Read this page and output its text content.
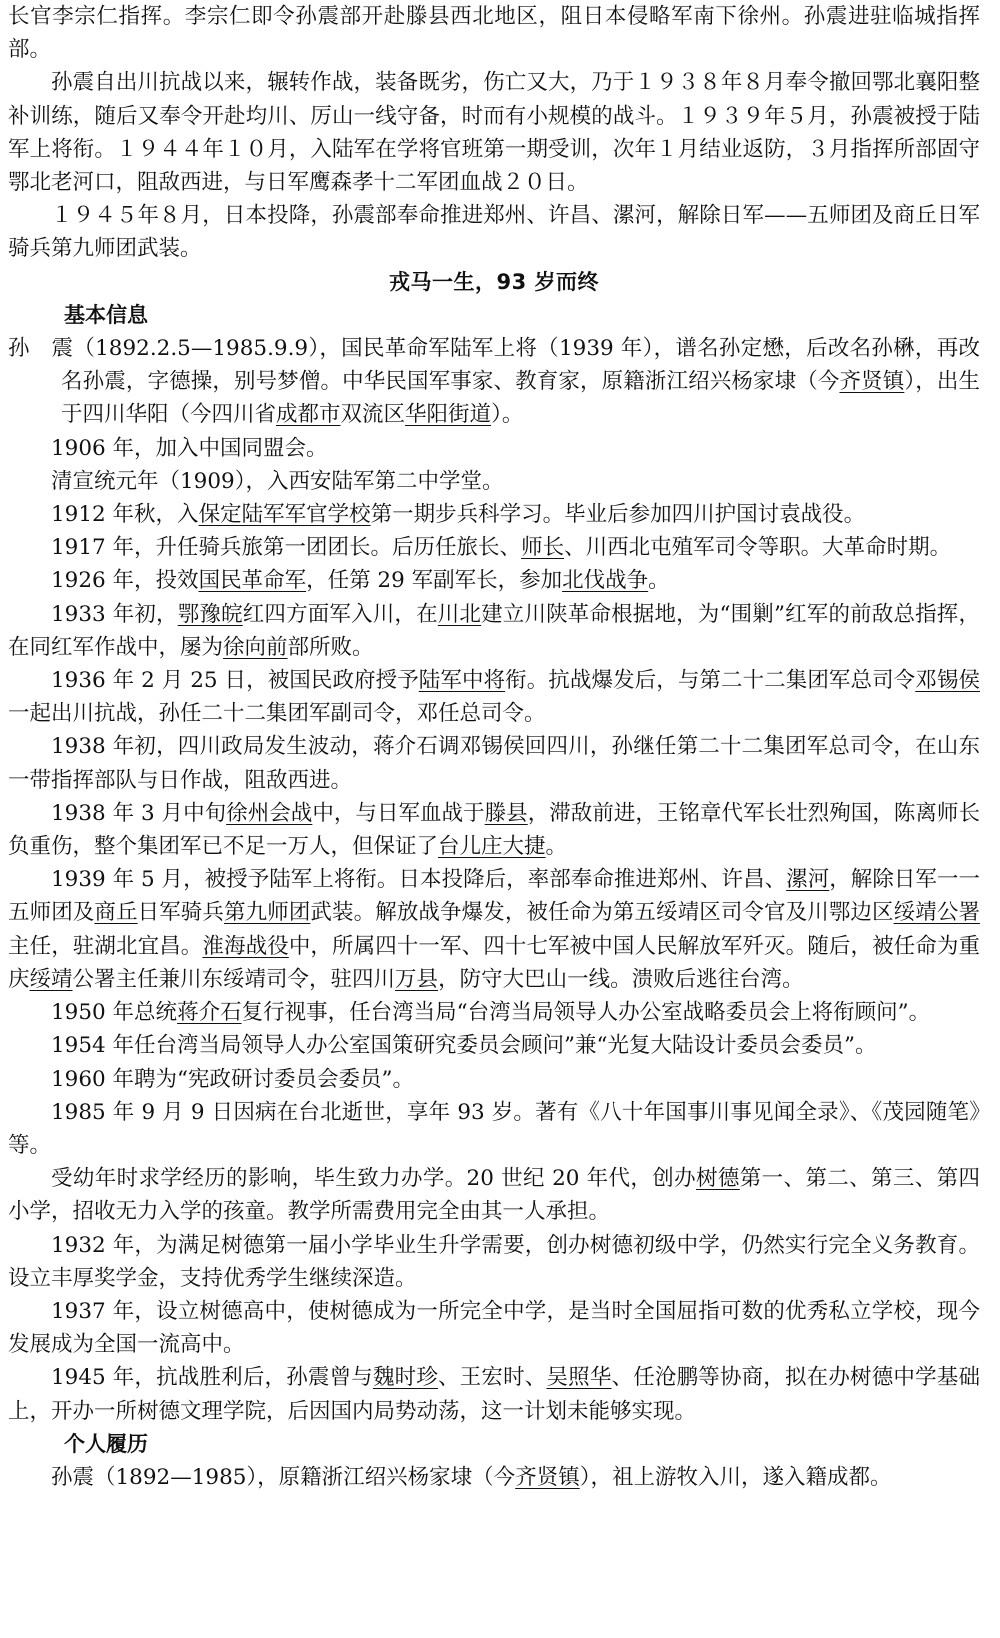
长官李宗仁指挥。李宗仁即令孙震部开赴滕县西北地区，阻日本侵略军南下徐州。孙震进驻临城指挥部。

孙震自出川抗战以来，辗转作战，装备既劣，伤亡又大，乃于１９３８年８月奉令撤回鄂北襄阳整补训练，随后又奉令开赴均川、厉山一线守备，时而有小规模的战斗。１９３９年５月，孙震被授于陆军上将衔。１９４４年１０月，入陆军在学将官班第一期受训，次年１月结业返防，３月指挥所部固守鄂北老河口，阻敌西进，与日军鹰森孝十二军团血战２０日。

１９４５年８月，日本投降，孙震部奉命推进郑州、许昌、漯河，解除日军——五师团及商丘日军骑兵第九师团武装。

戎马一生，93 岁而终

基本信息

孙　震（1892.2.5—1985.9.9），国民革命军陆军上将（1939 年），谱名孙定懋，后改名孙楙，再改名孙震，字德操，别号梦僧。中华民国军事家、教育家，原籍浙江绍兴杨家埭（今齐贤镇），出生于四川华阳（今四川省成都市双流区华阳街道）。

1906 年，加入中国同盟会。

清宣统元年（1909），入西安陆军第二中学堂。

1912 年秋，入保定陆军军官学校第一期步兵科学习。毕业后参加四川护国讨袁战役。

1917 年，升任骑兵旅第一团团长。后历任旅长、师长、川西北屯殖军司令等职。大革命时期。

1926 年，投效国民革命军，任第 29 军副军长，参加北伐战争。

1933 年初，鄂豫皖红四方面军入川，在川北建立川陕革命根据地，为“围剿”红军的前敌总指挥，在同红军作战中，屡为徐向前部所败。

1936 年 2 月 25 日，被国民政府授予陆军中将衔。抗战爆发后，与第二十二集团军总司令邓锡侯一起出川抗战，孙任二十二集团军副司令，邓任总司令。

1938 年初，四川政局发生波动，蒋介石调邓锡侯回四川，孙继任第二十二集团军总司令，在山东一带指挥部队与日作战，阻敌西进。

1938 年 3 月中旬徐州会战中，与日军血战于滕县，滞敌前进，王铭章代军长壮烈殉国，陈离师长负重伤，整个集团军已不足一万人，但保证了台儿庄大捷。

1939 年 5 月，被授予陆军上将衔。日本投降后，率部奉命推进郑州、许昌、漯河，解除日军一一五师团及商丘日军骑兵第九师团武装。解放战争爆发，被任命为第五绥靖区司令官及川鄂边区绥靖公署主任，驻湖北宜昌。淮海战役中，所属四十一军、四十七军被中国人民解放军歼灭。随后，被任命为重庆绥靖公署主任兼川东绥靖司令，驻四川万县，防守大巴山一线。溃败后逃往台湾。

1950 年总统蒋介石复行视事，任台湾当局“台湾当局领导人办公室战略委员会上将衔顾问”。

1954 年任台湾当局领导人办公室国策研究委员会顾问”兼“光复大陆设计委员会委员”。

1960 年聘为“宪政研讨委员会委员”。

1985 年 9 月 9 日因病在台北逝世，享年 93 岁。著有《八十年国事川事见闻全录》、《茂园随笔》等。

受幼年时求学经历的影响，毕生致力办学。20 世纪 20 年代，创办树德第一、第二、第三、第四小学，招收无力入学的孩童。教学所需费用完全由其一人承担。

1932 年，为满足树德第一届小学毕业生升学需要，创办树德初级中学，仍然实行完全义务教育。设立丰厚奖学金，支持优秀学生继续深造。

1937 年，设立树德高中，使树德成为一所完全中学，是当时全国屈指可数的优秀私立学校，现今发展成为全国一流高中。

1945 年，抗战胜利后，孙震曾与魏时珍、王宏时、吴照华、任沧鹏等协商，拟在办树德中学基础上，开办一所树德文理学院，后因国内局势动荡，这一计划未能够实现。

个人履历

孙震（1892—1985），原籍浙江绍兴杨家埭（今齐贤镇），祖上游牧入川，遂入籍成都。
